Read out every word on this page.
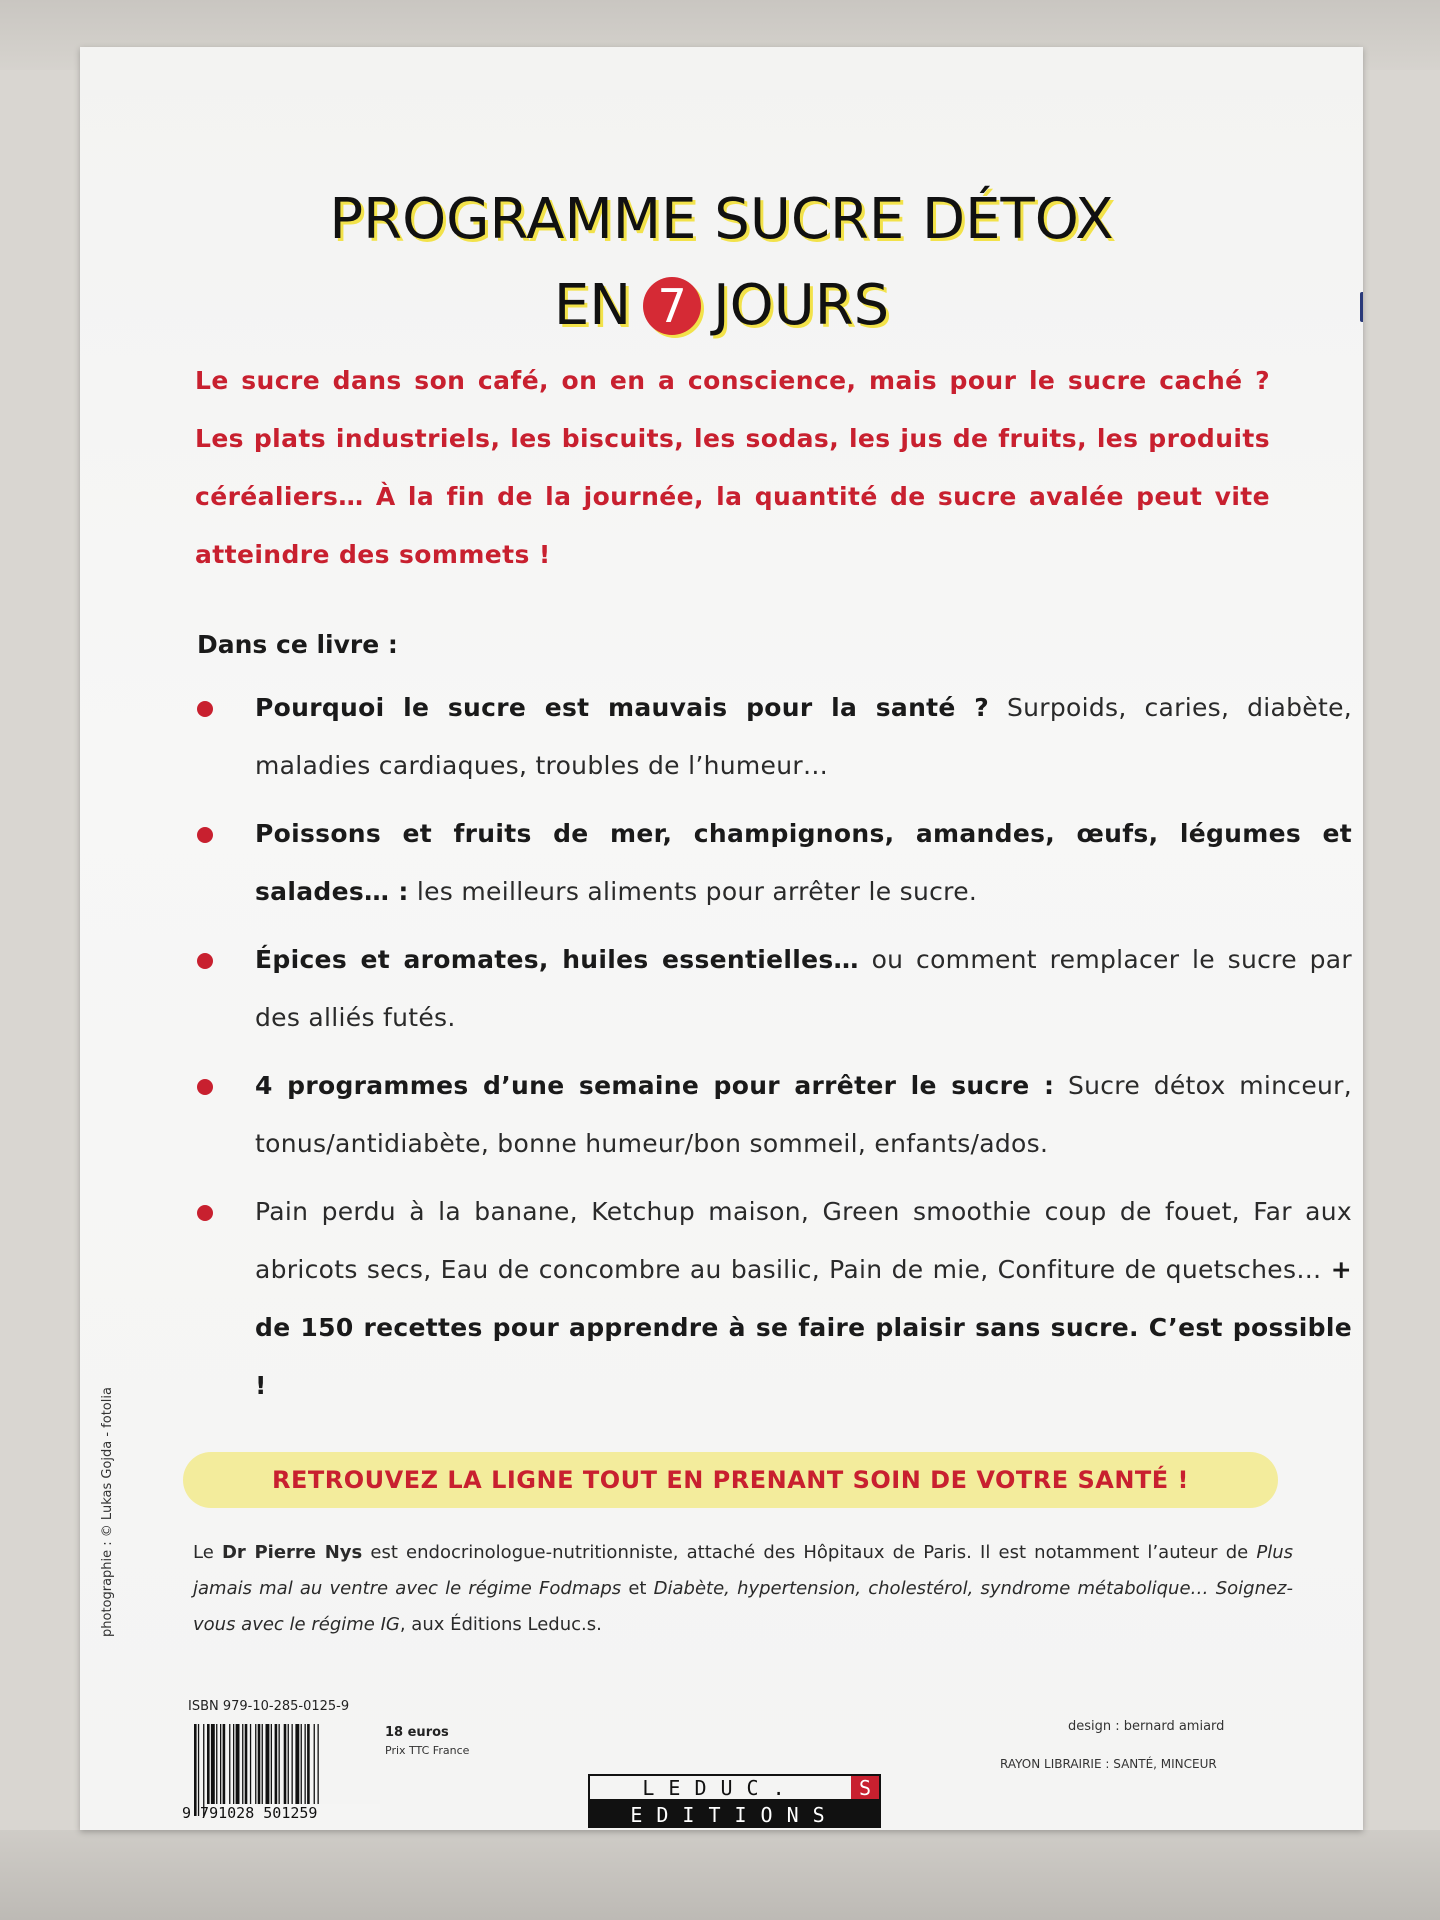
PROGRAMME SUCRE DÉTOX
EN 7 JOURS
Le sucre dans son café, on en a conscience, mais pour le sucre caché ? Les plats industriels, les biscuits, les sodas, les jus de fruits, les produits céréaliers… À la fin de la journée, la quantité de sucre avalée peut vite atteindre des sommets !
Dans ce livre :
Pourquoi le sucre est mauvais pour la santé ? Surpoids, caries, diabète, maladies cardiaques, troubles de l’humeur…
Poissons et fruits de mer, champignons, amandes, œufs, légumes et salades… : les meilleurs aliments pour arrêter le sucre.
Épices et aromates, huiles essentielles… ou comment remplacer le sucre par des alliés futés.
4 programmes d’une semaine pour arrêter le sucre : Sucre détox minceur, tonus/antidiabète, bonne humeur/bon sommeil, enfants/ados.
Pain perdu à la banane, Ketchup maison, Green smoothie coup de fouet, Far aux abricots secs, Eau de concombre au basilic, Pain de mie, Confiture de quetsches… + de 150 recettes pour apprendre à se faire plaisir sans sucre. C’est possible !
RETROUVEZ LA LIGNE TOUT EN PRENANT SOIN DE VOTRE SANTÉ !
Le Dr Pierre Nys est endocrinologue-nutritionniste, attaché des Hôpitaux de Paris. Il est notamment l’auteur de Plus jamais mal au ventre avec le régime Fodmaps et Diabète, hypertension, cholestérol, syndrome métabolique… Soignez-vous avec le régime IG, aux Éditions Leduc.s.
photographie : © Lukas Gojda - fotolia
ISBN 979-10-285-0125-9
9 791028 501259
18 euros
Prix TTC France
design : bernard amiard
RAYON LIBRAIRIE : SANTÉ, MINCEUR
LEDUC.	S
EDITIONS
